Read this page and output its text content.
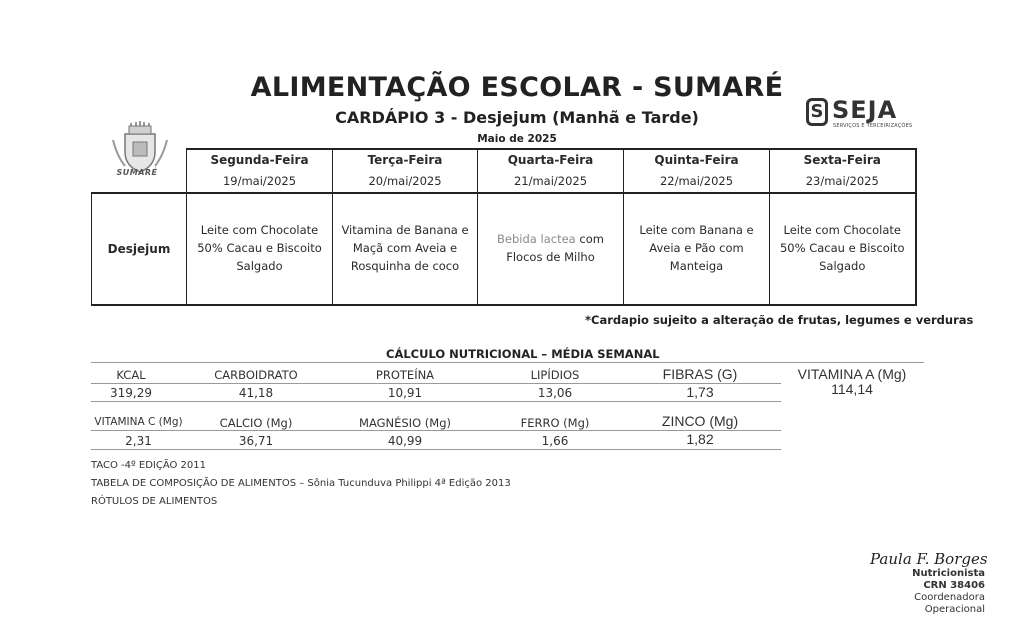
ALIMENTAÇÃO ESCOLAR - SUMARÉ
CARDÁPIO 3 - Desjejum (Manhã e Tarde)
Maio de 2025
SUMARÉ
S SEJA
SERVIÇOS E TERCEIRIZAÇÕES
	Segunda-Feira	Terça-Feira	Quarta-Feira	Quinta-Feira	Sexta-Feira
	19/mai/2025	20/mai/2025	21/mai/2025	22/mai/2025	23/mai/2025
Desjejum	Leite com Chocolate 50% Cacau e Biscoito Salgado	Vitamina de Banana e Maçã com Aveia e Rosquinha de coco	Bebida lactea com Flocos de Milho	Leite com Banana e Aveia e Pão com Manteiga	Leite com Chocolate 50% Cacau e Biscoito Salgado
*Cardapio sujeito a alteração de frutas, legumes e verduras
CÁLCULO NUTRICIONAL – MÉDIA SEMANAL
KCAL	CARBOIDRATO	PROTEÍNA	LIPÍDIOS	FIBRAS (G)	VITAMINA A (Mg)
319,29	41,18	10,91	13,06	1,73	114,14
VITAMINA C (Mg)	CALCIO (Mg)	MAGNÉSIO (Mg)	FERRO (Mg)	ZINCO (Mg)
2,31	36,71	40,99	1,66	1,82
TACO -4º EDIÇÃO 2011
TABELA DE COMPOSIÇÃO DE ALIMENTOS – Sônia Tucunduva Philippi 4ª Edição 2013
RÓTULOS DE ALIMENTOS
Paula F. Borges
Nutricionista
CRN 38406
Coordenadora Operacional
